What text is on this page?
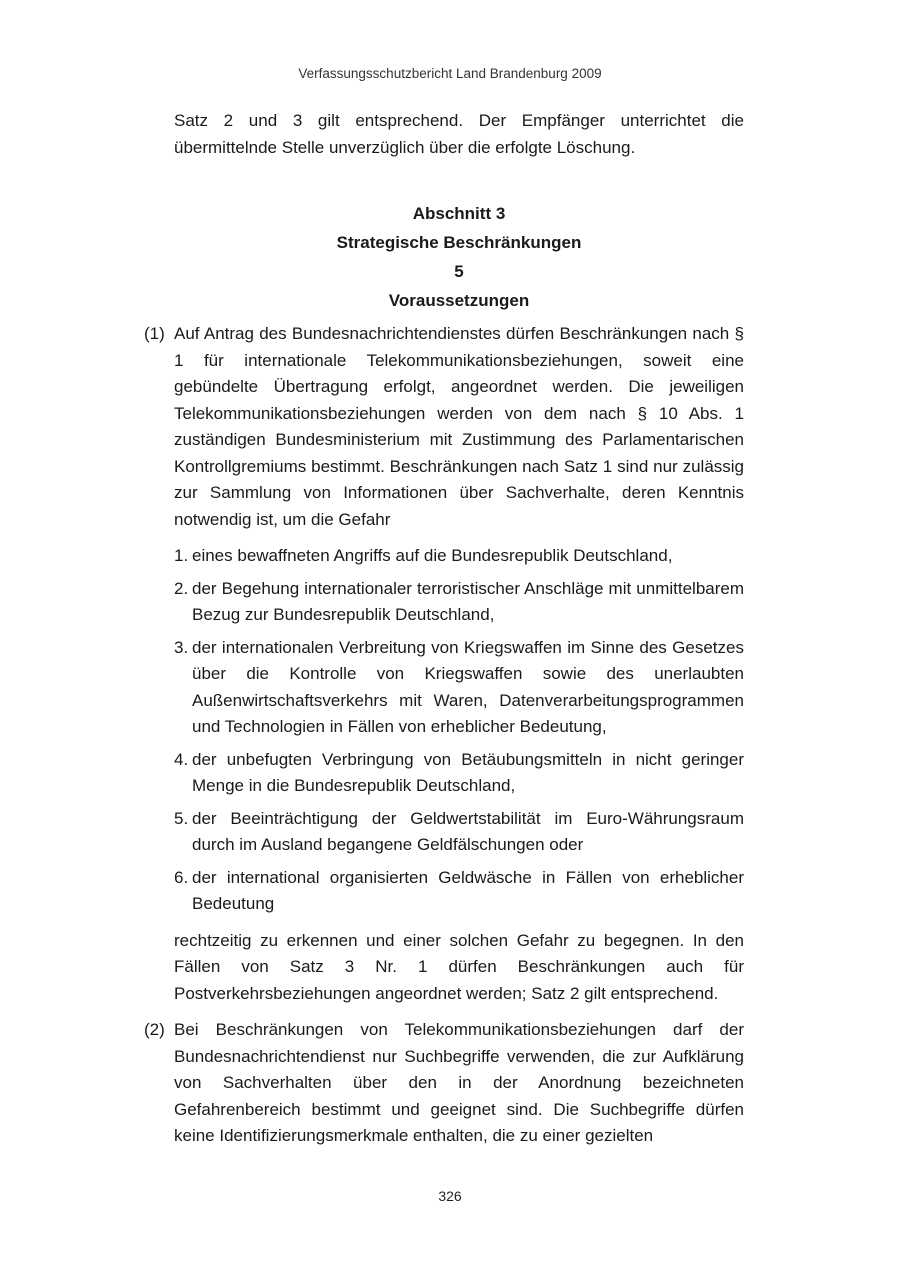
Verfassungsschutzbericht Land Brandenburg 2009

Satz 2 und 3 gilt entsprechend. Der Empfänger unterrichtet die übermittelnde Stelle unverzüglich über die erfolgte Löschung.

Abschnitt 3

Strategische Beschränkungen

5

Voraussetzungen

(1) Auf Antrag des Bundesnachrichtendienstes dürfen Beschränkungen nach § 1 für internationale Telekommunikationsbeziehungen, soweit eine gebündelte Übertragung erfolgt, angeordnet werden. Die jeweiligen Telekommunikationsbeziehungen werden von dem nach § 10 Abs. 1 zuständigen Bundesministerium mit Zustimmung des Parlamentarischen Kontrollgremiums bestimmt. Beschränkungen nach Satz 1 sind nur zulässig zur Sammlung von Informationen über Sachverhalte, deren Kenntnis notwendig ist, um die Gefahr

1. eines bewaffneten Angriffs auf die Bundesrepublik Deutschland,
2. der Begehung internationaler terroristischer Anschläge mit unmittelbarem Bezug zur Bundesrepublik Deutschland,
3. der internationalen Verbreitung von Kriegswaffen im Sinne des Gesetzes über die Kontrolle von Kriegswaffen sowie des unerlaubten Außenwirtschaftsverkehrs mit Waren, Datenverarbeitungsprogrammen und Technologien in Fällen von erheblicher Bedeutung,
4. der unbefugten Verbringung von Betäubungsmitteln in nicht geringer Menge in die Bundesrepublik Deutschland,
5. der Beeinträchtigung der Geldwertstabilität im Euro-Währungsraum durch im Ausland begangene Geldfälschungen oder
6. der international organisierten Geldwäsche in Fällen von erheblicher Bedeutung

rechtzeitig zu erkennen und einer solchen Gefahr zu begegnen. In den Fällen von Satz 3 Nr. 1 dürfen Beschränkungen auch für Postverkehrsbeziehungen angeordnet werden; Satz 2 gilt entsprechend.

(2) Bei Beschränkungen von Telekommunikationsbeziehungen darf der Bundesnachrichtendienst nur Suchbegriffe verwenden, die zur Aufklärung von Sachverhalten über den in der Anordnung bezeichneten Gefahrenbereich bestimmt und geeignet sind. Die Suchbegriffe dürfen keine Identifizierungsmerkmale enthalten, die zu einer gezielten

326
